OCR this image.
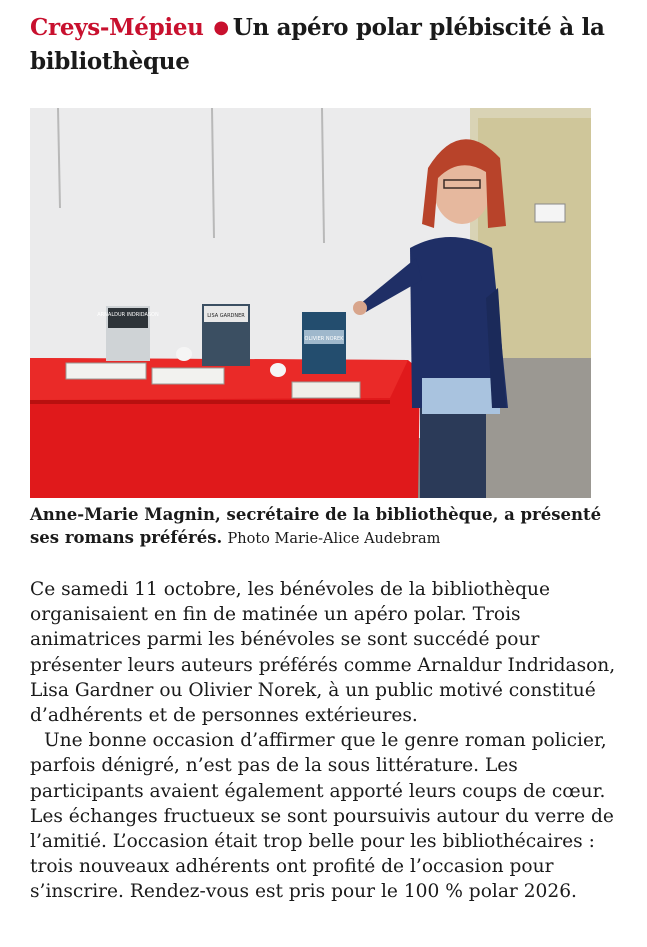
Creys-Mépieu ● Un apéro polar plébiscité à la bibliothèque
ARNALDUR INDRIDASON	LISA GARDNER
OLIVIER NOREK

Anne-Marie Magnin, secrétaire de la bibliothèque, a présenté ses romans préférés. Photo Marie-Alice Audebram

Ce samedi 11 octobre, les bénévoles de la bibliothèque organisaient en fin de matinée un apéro polar. Trois animatrices parmi les bénévoles se sont succédé pour présenter leurs auteurs préférés comme Arnaldur Indridason, Lisa Gardner ou Olivier Norek, à un public motivé constitué d’adhérents et de personnes extérieures.

Une bonne occasion d’affirmer que le genre roman policier, parfois dénigré, n’est pas de la sous littérature. Les participants avaient également apporté leurs coups de cœur. Les échanges fructueux se sont poursuivis autour du verre de l’amitié. L’occasion était trop belle pour les bibliothécaires : trois nouveaux adhérents ont profité de l’occasion pour s’inscrire. Rendez-vous est pris pour le 100 % polar 2026.
